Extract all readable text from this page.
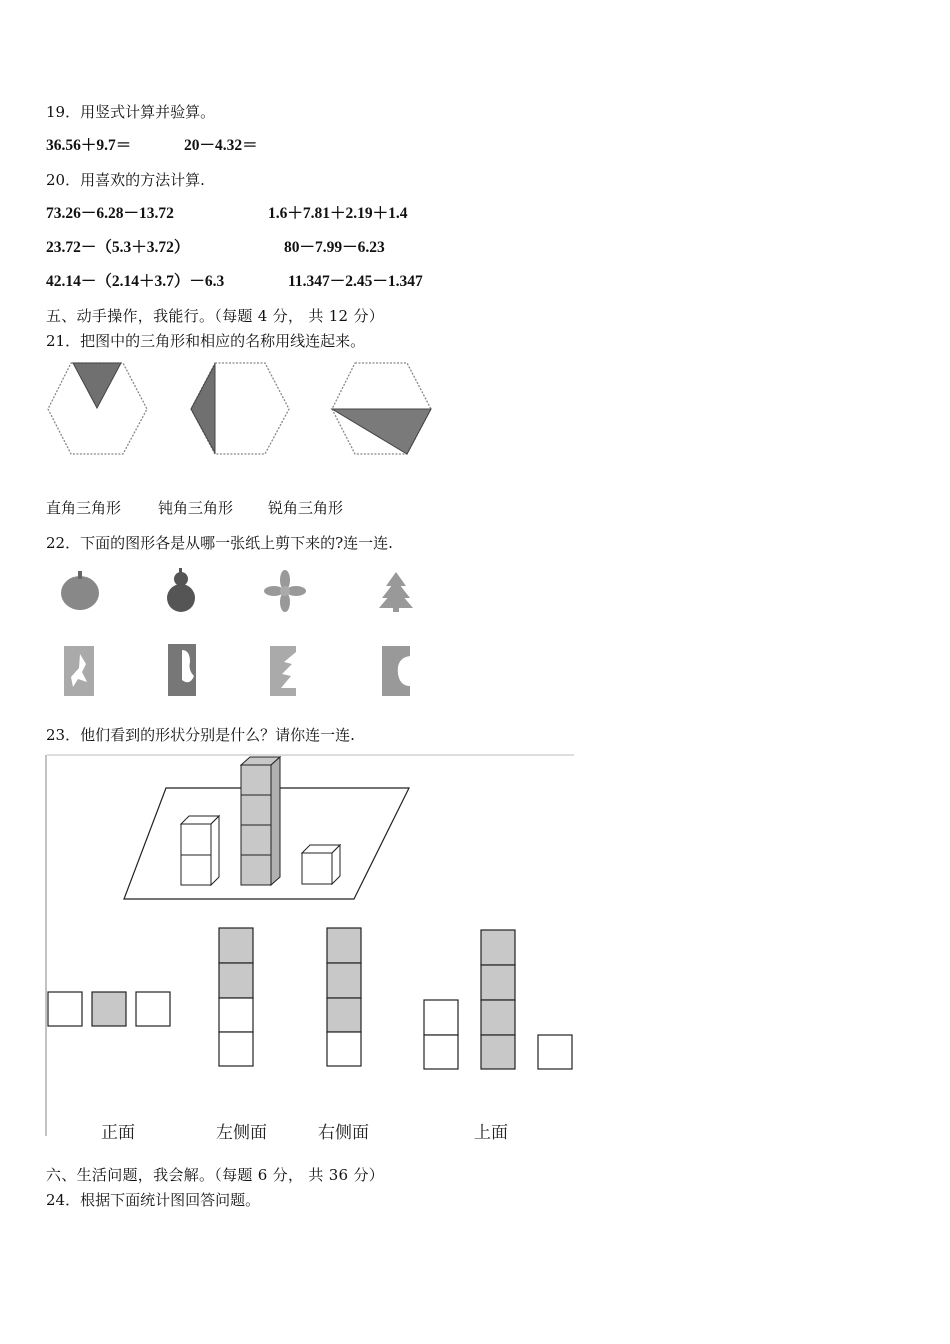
19．用竖式计算并验算。
36.56＋9.7＝	20－4.32＝
20．用喜欢的方法计算.
73.26－6.28－13.72	1.6＋7.81＋2.19＋1.4
23.72－（5.3＋3.72）	80－7.99－6.23
42.14－（2.14＋3.7）－6.3	11.347－2.45－1.347
五、动手操作，我能行。（每题 4 分， 共 12 分）
21．把图中的三角形和相应的名称用线连起来。
直角三角形 钝角三角形 锐角三角形
22．下面的图形各是从哪一张纸上剪下来的?连一连.
23．他们看到的形状分别是什么？请你连一连.
正面	左侧面	右侧面	上面
六、生活问题，我会解。（每题 6 分， 共 36 分）
24．根据下面统计图回答问题。
